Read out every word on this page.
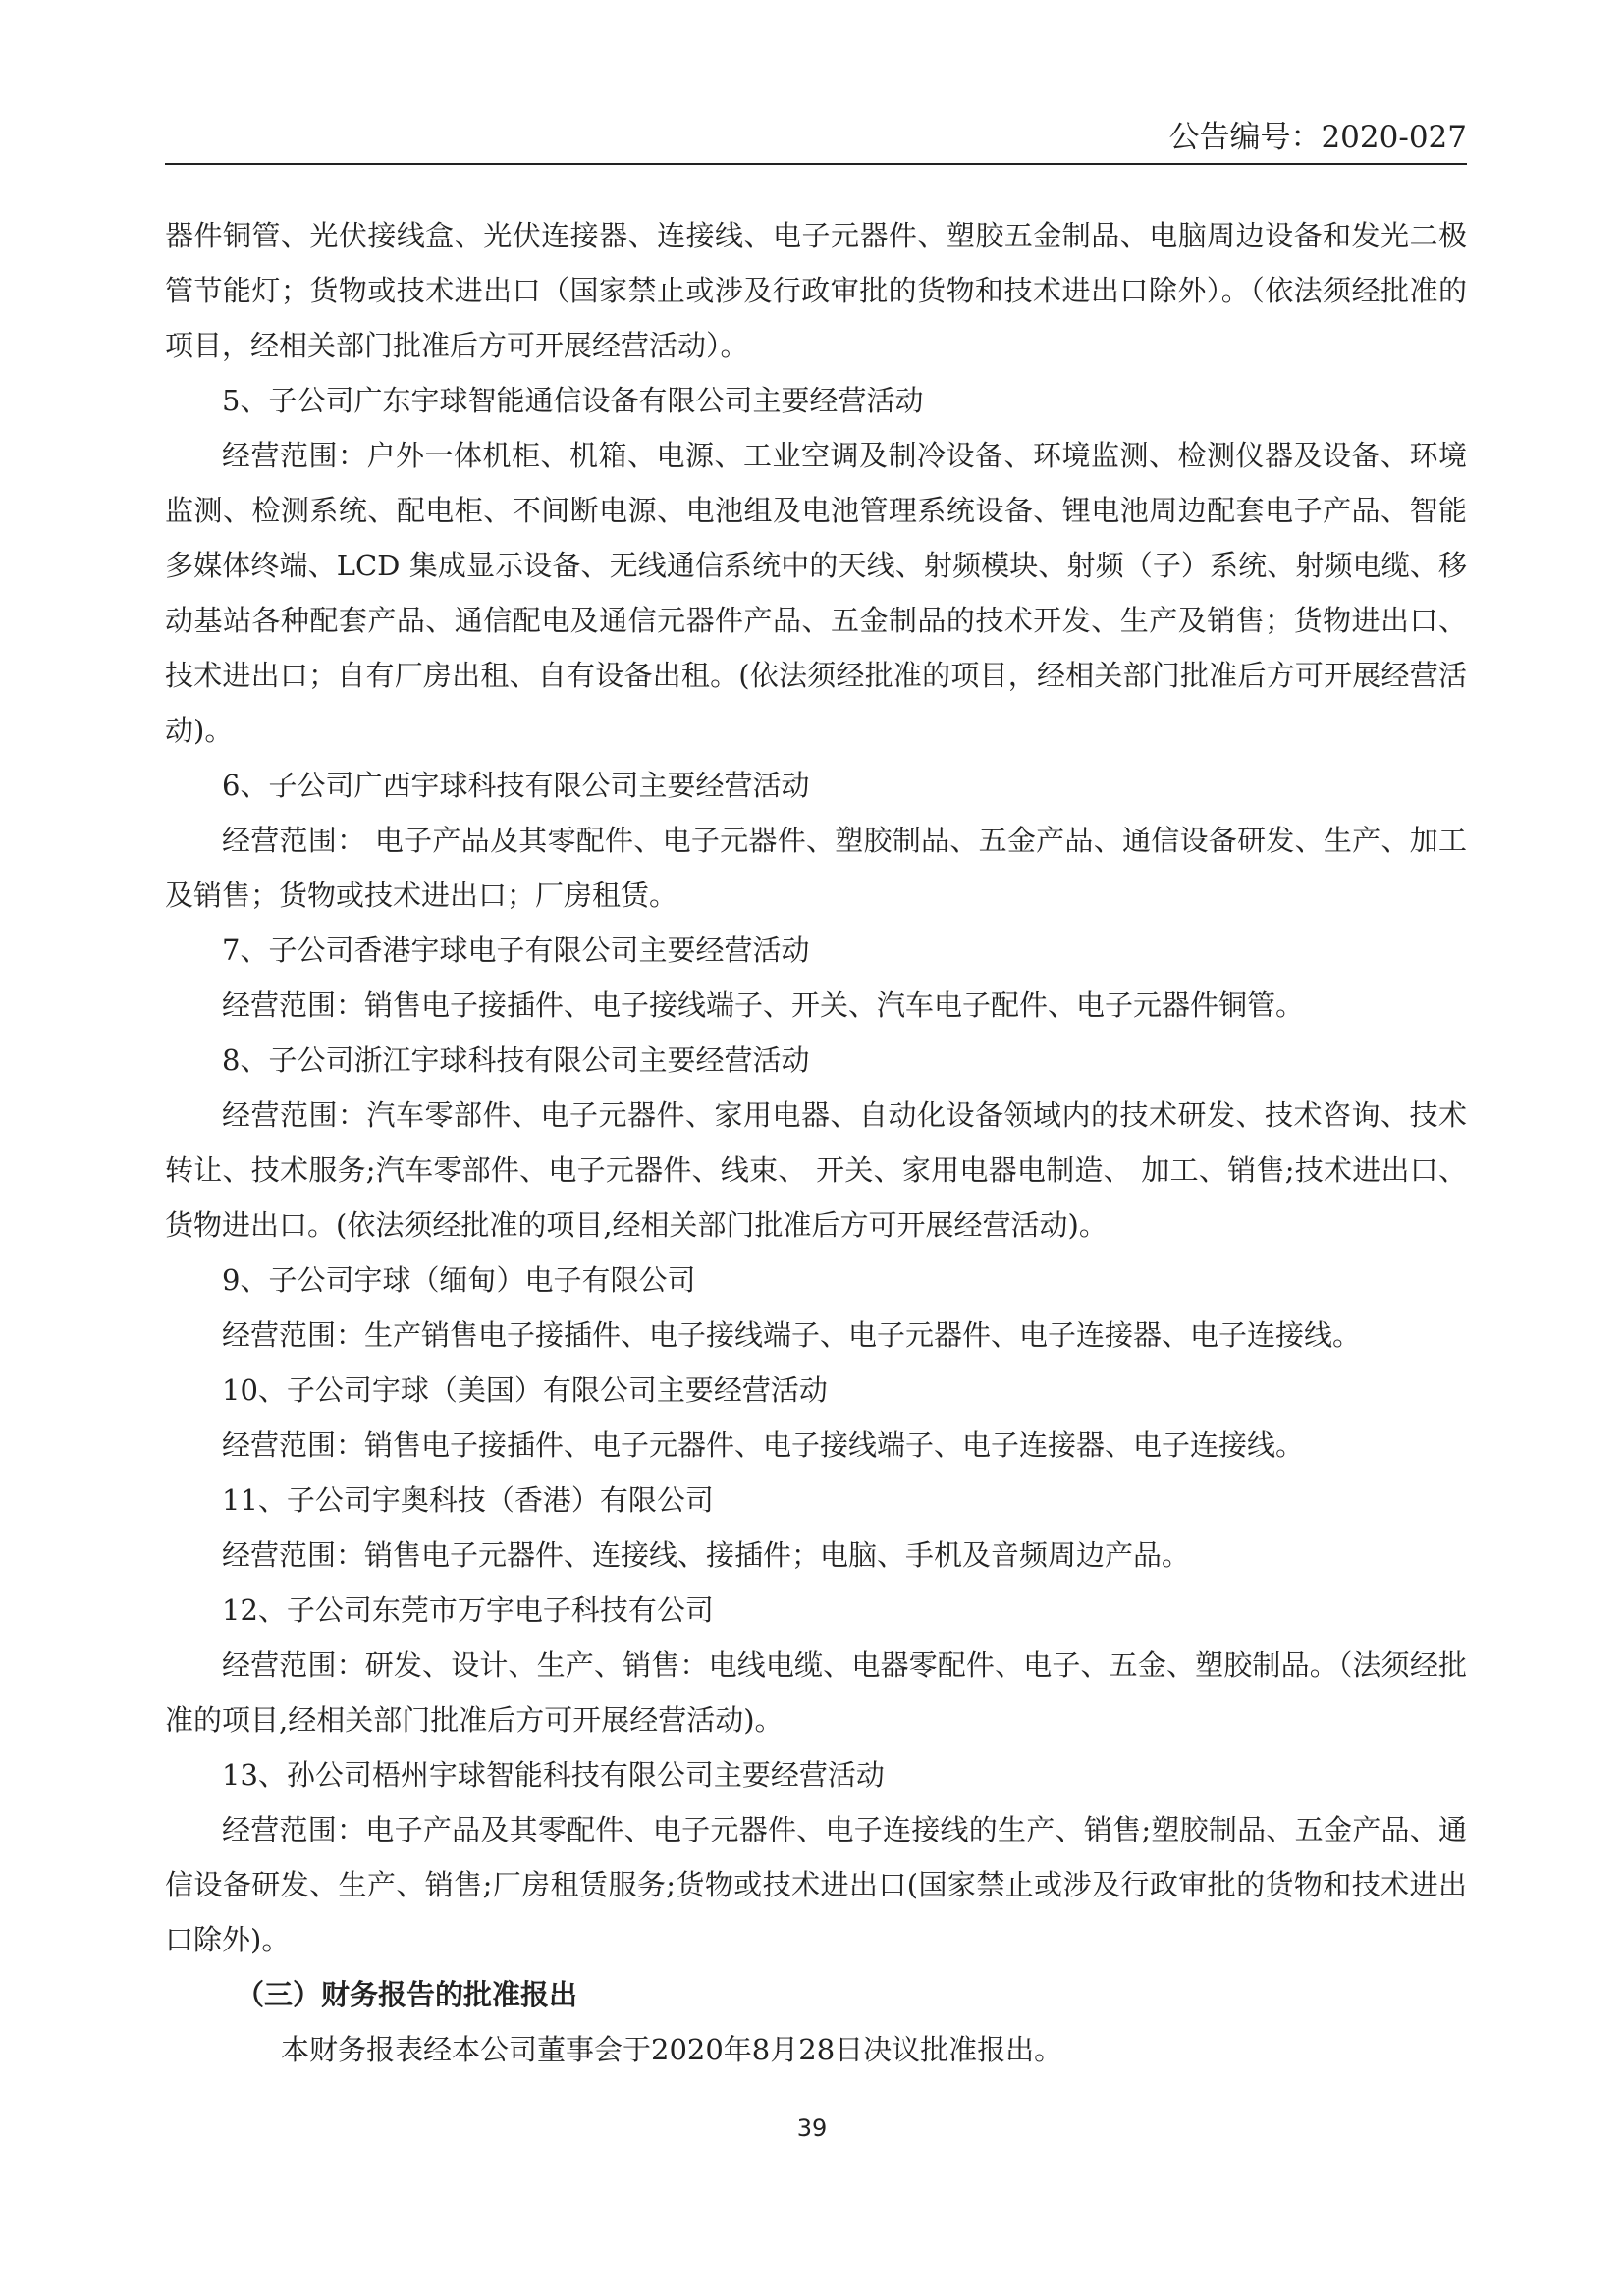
公告编号：2020-027

器件铜管、光伏接线盒、光伏连接器、连接线、电子元器件、塑胶五金制品、电脑周边设备和发光二极管节能灯；货物或技术进出口（国家禁止或涉及行政审批的货物和技术进出口除外）。（依法须经批准的项目，经相关部门批准后方可开展经营活动）。

5、子公司广东宇球智能通信设备有限公司主要经营活动

经营范围：户外一体机柜、机箱、电源、工业空调及制冷设备、环境监测、检测仪器及设备、环境监测、检测系统、配电柜、不间断电源、电池组及电池管理系统设备、锂电池周边配套电子产品、智能多媒体终端、LCD 集成显示设备、无线通信系统中的天线、射频模块、射频（子）系统、射频电缆、移动基站各种配套产品、通信配电及通信元器件产品、五金制品的技术开发、生产及销售；货物进出口、技术进出口；自有厂房出租、自有设备出租。(依法须经批准的项目，经相关部门批准后方可开展经营活动)。

6、子公司广西宇球科技有限公司主要经营活动

经营范围： 电子产品及其零配件、电子元器件、塑胶制品、五金产品、通信设备研发、生产、加工及销售；货物或技术进出口；厂房租赁。

7、子公司香港宇球电子有限公司主要经营活动

经营范围：销售电子接插件、电子接线端子、开关、汽车电子配件、电子元器件铜管。

8、子公司浙江宇球科技有限公司主要经营活动

经营范围：汽车零部件、电子元器件、家用电器、自动化设备领域内的技术研发、技术咨询、技术转让、技术服务;汽车零部件、电子元器件、线束、 开关、家用电器电制造、 加工、销售;技术进出口、货物进出口。(依法须经批准的项目,经相关部门批准后方可开展经营活动)。

9、子公司宇球（缅甸）电子有限公司

经营范围：生产销售电子接插件、电子接线端子、电子元器件、电子连接器、电子连接线。

10、子公司宇球（美国）有限公司主要经营活动

经营范围：销售电子接插件、电子元器件、电子接线端子、电子连接器、电子连接线。

11、子公司宇奥科技（香港）有限公司

经营范围：销售电子元器件、连接线、接插件；电脑、手机及音频周边产品。

12、子公司东莞市万宇电子科技有公司

经营范围：研发、设计、生产、销售：电线电缆、电器零配件、电子、五金、塑胶制品。（法须经批准的项目,经相关部门批准后方可开展经营活动)。

13、孙公司梧州宇球智能科技有限公司主要经营活动

经营范围：电子产品及其零配件、电子元器件、电子连接线的生产、销售;塑胶制品、五金产品、通信设备研发、生产、销售;厂房租赁服务;货物或技术进出口(国家禁止或涉及行政审批的货物和技术进出口除外)。

（三）财务报告的批准报出

本财务报表经本公司董事会于2020年8月28日决议批准报出。

39
